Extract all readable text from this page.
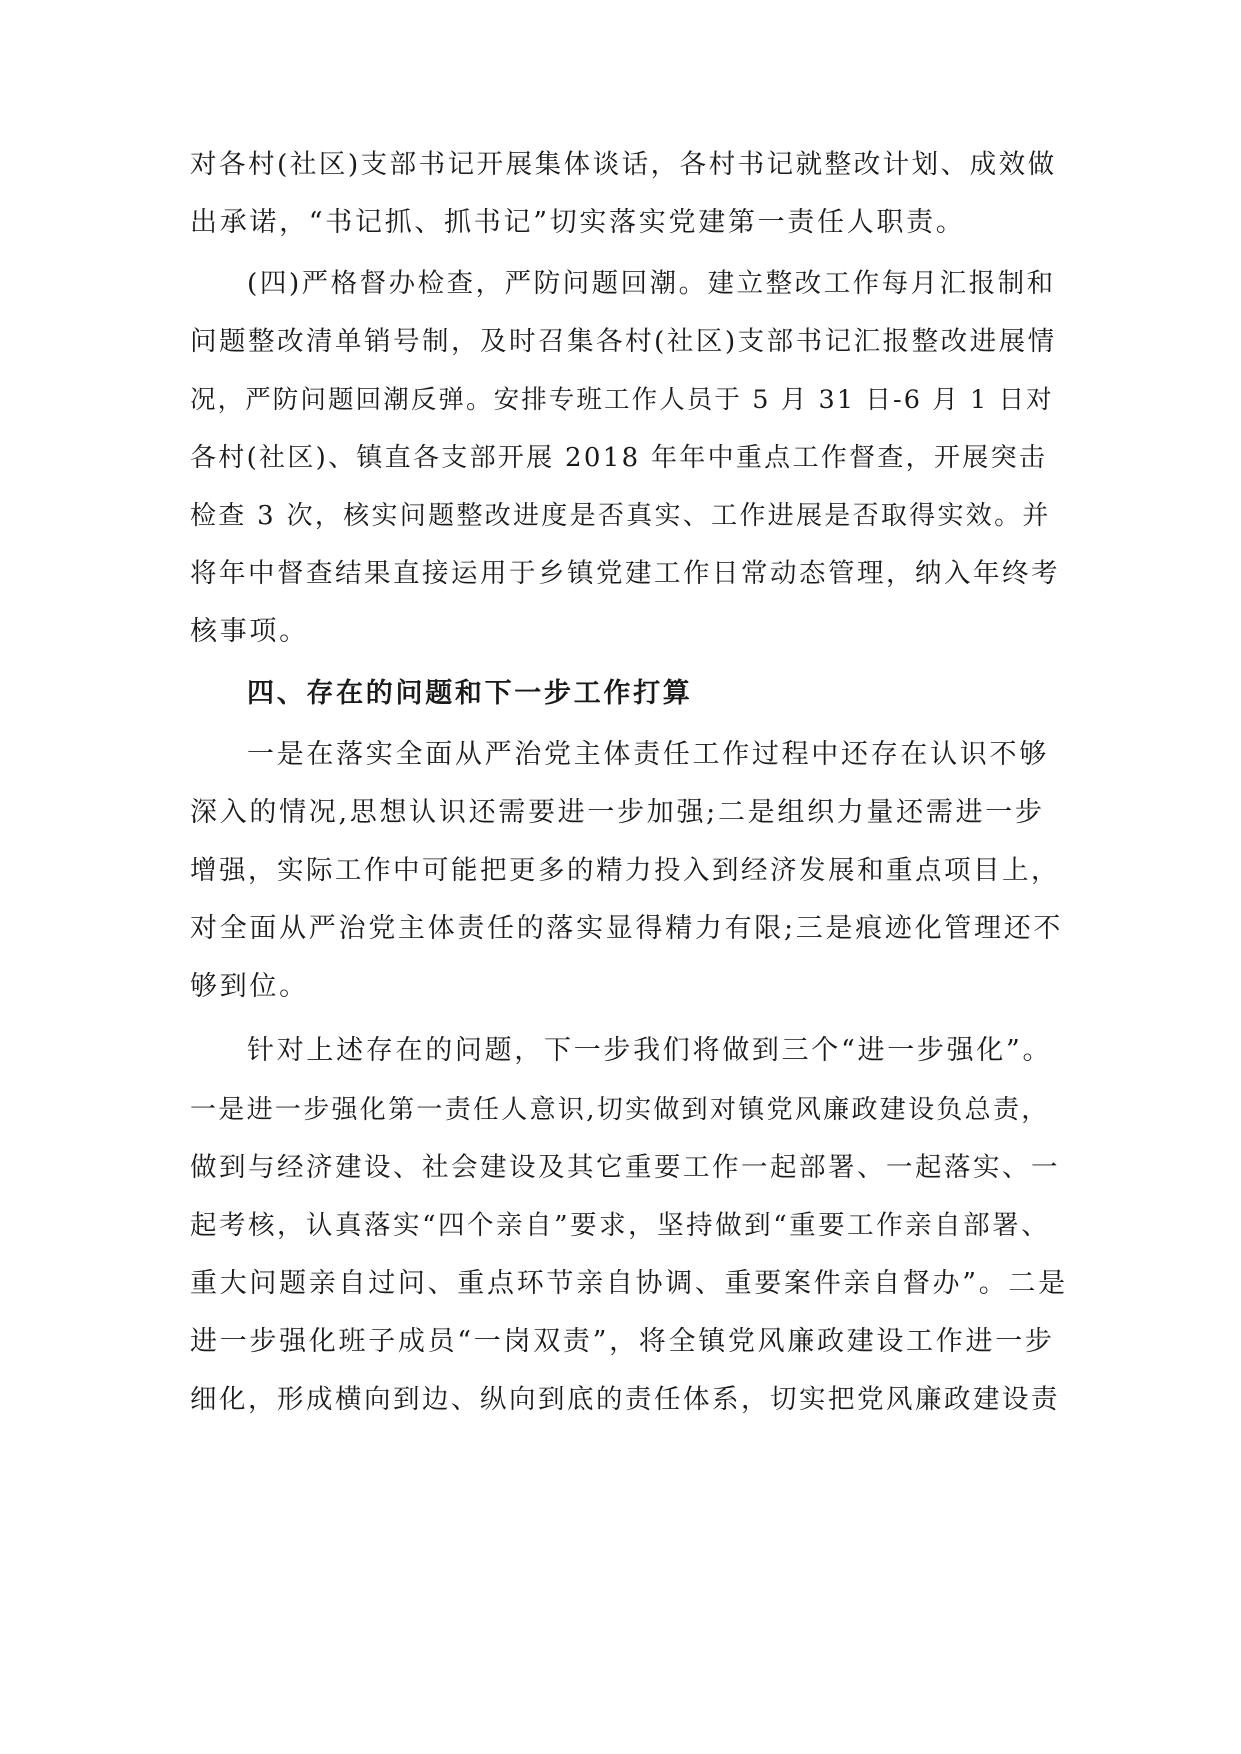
对各村(社区)支部书记开展集体谈话，各村书记就整改计划、成效做
出承诺，“书记抓、抓书记”切实落实党建第一责任人职责。
(四)严格督办检查，严防问题回潮。建立整改工作每月汇报制和
问题整改清单销号制，及时召集各村(社区)支部书记汇报整改进展情
况，严防问题回潮反弹。安排专班工作人员于 5 月 31 日-6 月 1 日对
各村(社区)、镇直各支部开展 2018 年年中重点工作督查，开展突击
检查 3 次，核实问题整改进度是否真实、工作进展是否取得实效。并
将年中督查结果直接运用于乡镇党建工作日常动态管理，纳入年终考
核事项。
四、存在的问题和下一步工作打算
一是在落实全面从严治党主体责任工作过程中还存在认识不够
深入的情况,思想认识还需要进一步加强;二是组织力量还需进一步
增强，实际工作中可能把更多的精力投入到经济发展和重点项目上，
对全面从严治党主体责任的落实显得精力有限;三是痕迹化管理还不
够到位。
针对上述存在的问题，下一步我们将做到三个“进一步强化”。
一是进一步强化第一责任人意识,切实做到对镇党风廉政建设负总责，
做到与经济建设、社会建设及其它重要工作一起部署、一起落实、一
起考核，认真落实“四个亲自”要求，坚持做到“重要工作亲自部署、
重大问题亲自过问、重点环节亲自协调、重要案件亲自督办”。二是
进一步强化班子成员“一岗双责”，将全镇党风廉政建设工作进一步
细化，形成横向到边、纵向到底的责任体系，切实把党风廉政建设责
